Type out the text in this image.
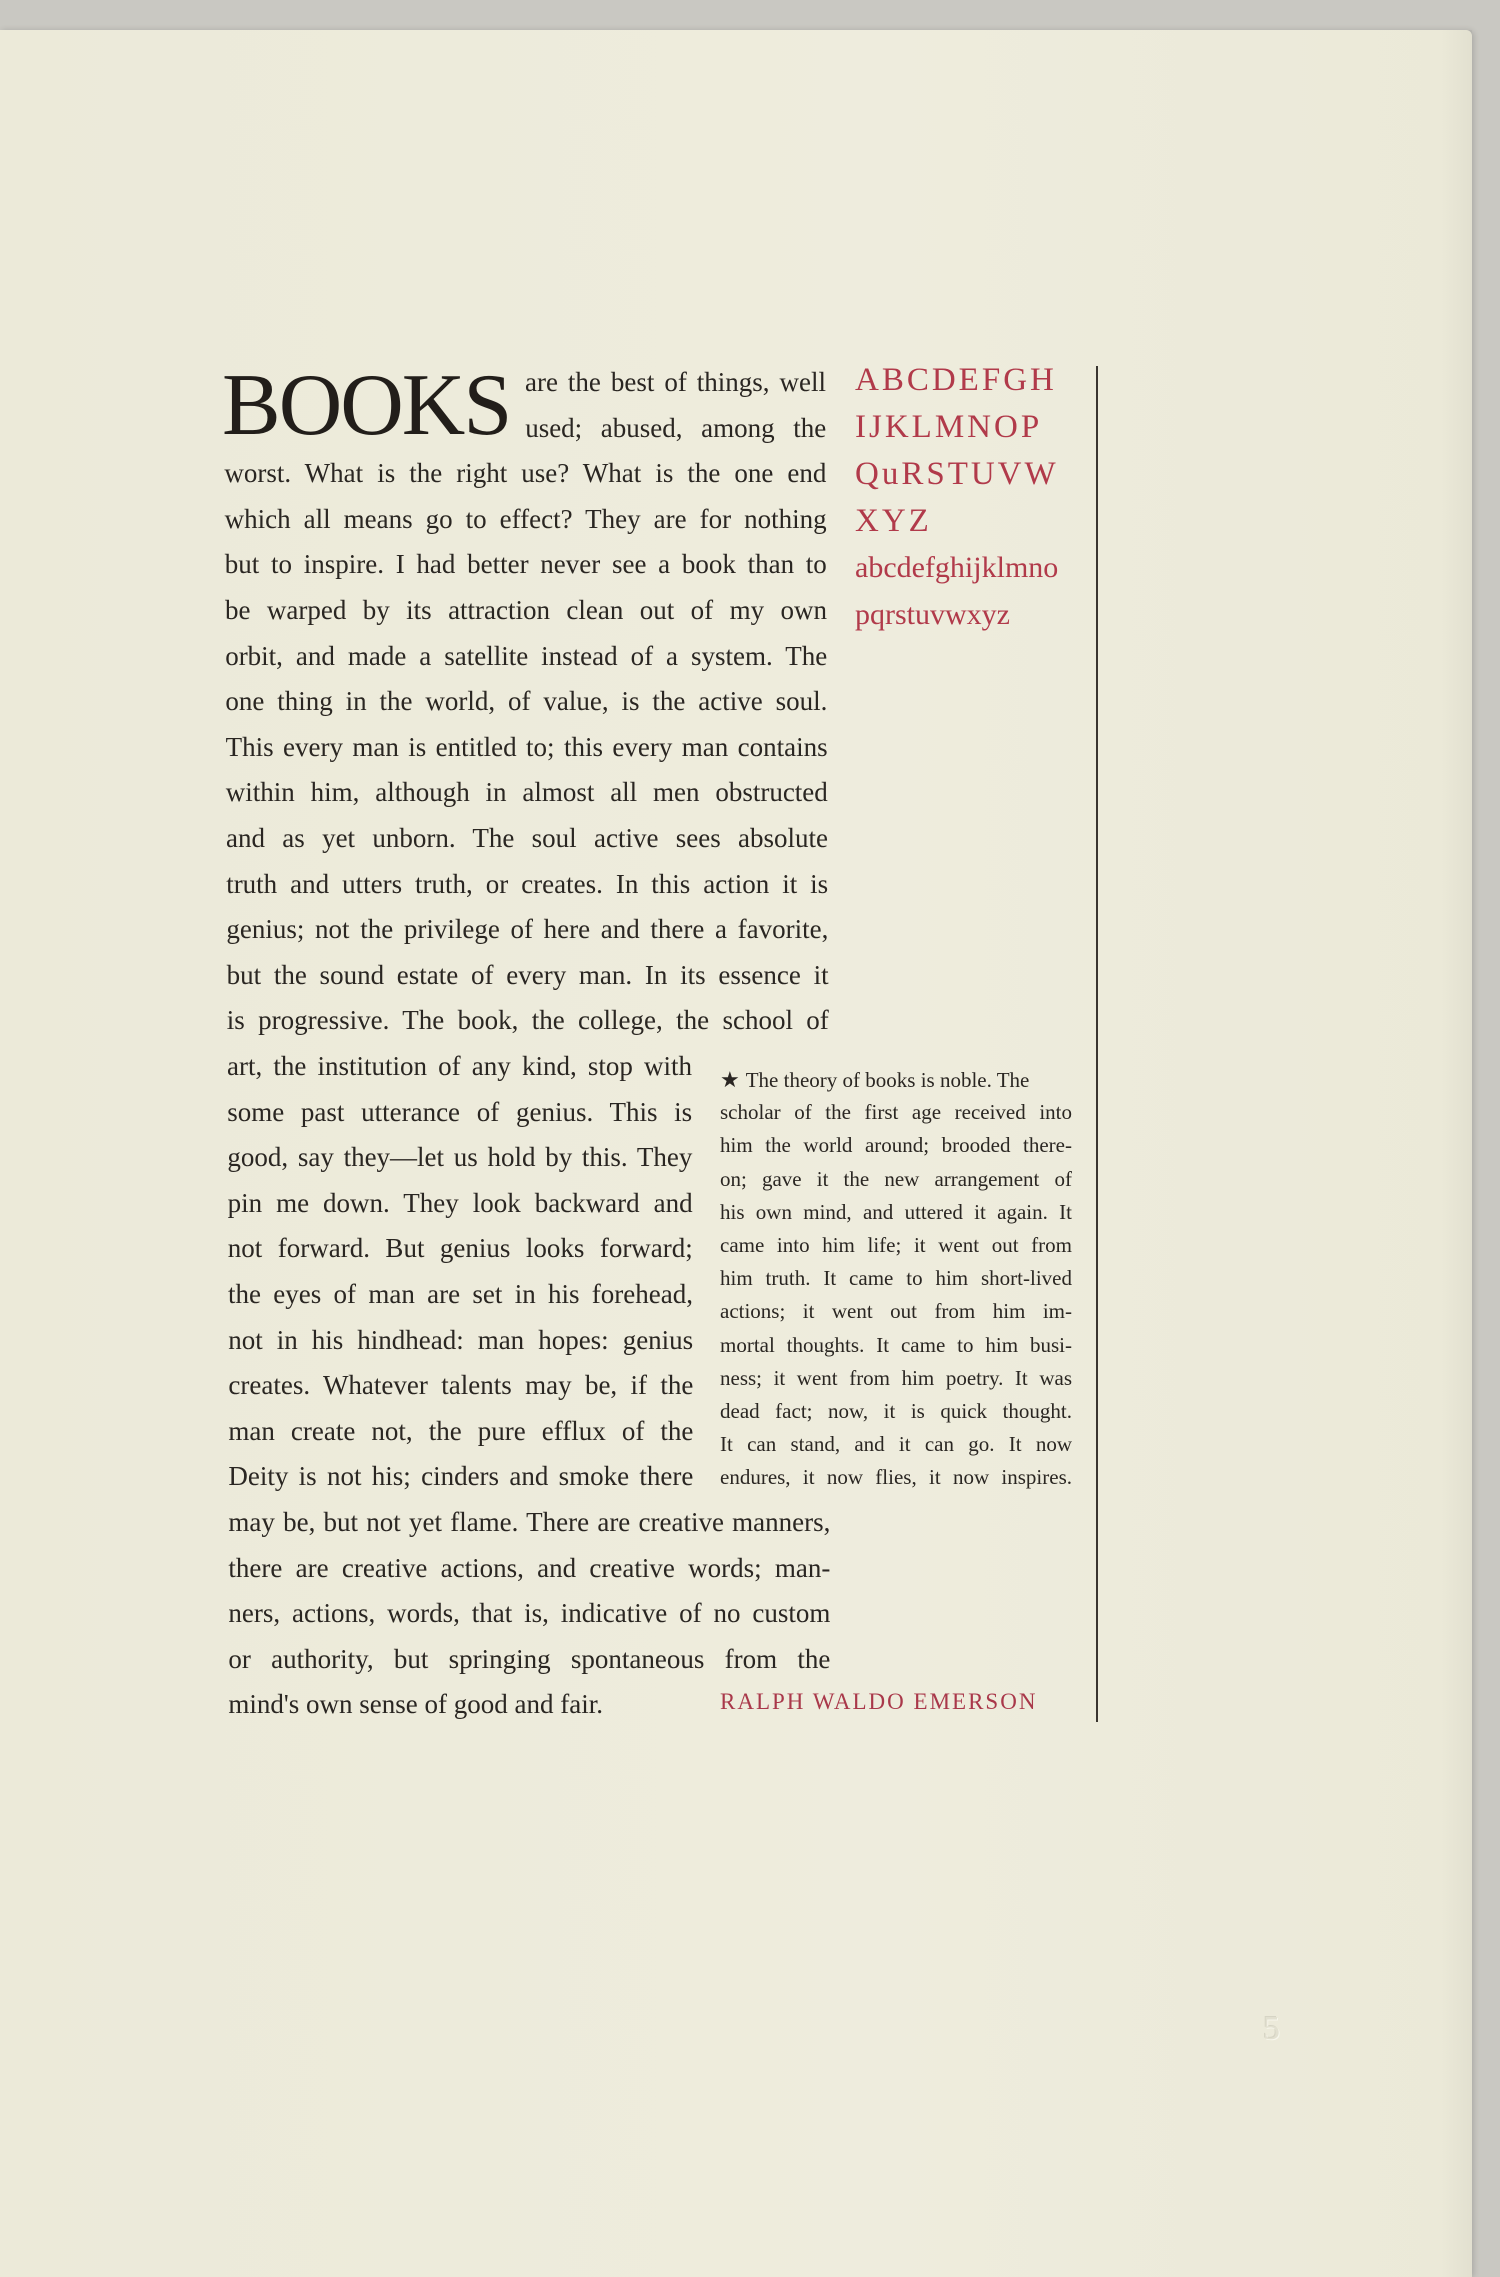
BOOKS are the best of things, well
used; abused, among the
worst. What is the right use? What is the one end
which all means go to effect? They are for nothing
but to inspire. I had better never see a book than to
be warped by its attraction clean out of my own
orbit, and made a satellite instead of a system. The
one thing in the world, of value, is the active soul.
This every man is entitled to; this every man contains
within him, although in almost all men obstructed
and as yet unborn. The soul active sees absolute
truth and utters truth, or creates. In this action it is
genius; not the privilege of here and there a favorite,
but the sound estate of every man. In its essence it
is progressive. The book, the college, the school of
art, the institution of any kind, stop with
some past utterance of genius. This is
good, say they—let us hold by this. They
pin me down. They look backward and
not forward. But genius looks forward;
the eyes of man are set in his forehead,
not in his hindhead: man hopes: genius
creates. Whatever talents may be, if the
man create not, the pure efflux of the
Deity is not his; cinders and smoke there
may be, but not yet flame. There are creative manners,
there are creative actions, and creative words; man-
ners, actions, words, that is, indicative of no custom
or authority, but springing spontaneous from the
mind's own sense of good and fair.
ABCDEFGH
IJKLMNOP
QuRSTUVW
XYZ
abcdefghijklmno
pqrstuvwxyz
★ The theory of books is noble. The
scholar of the first age received into
him the world around; brooded there-
on; gave it the new arrangement of
his own mind, and uttered it again. It
came into him life; it went out from
him truth. It came to him short-lived
actions; it went out from him im-
mortal thoughts. It came to him busi-
ness; it went from him poetry. It was
dead fact; now, it is quick thought.
It can stand, and it can go. It now
endures, it now flies, it now inspires.
RALPH WALDO EMERSON
5
